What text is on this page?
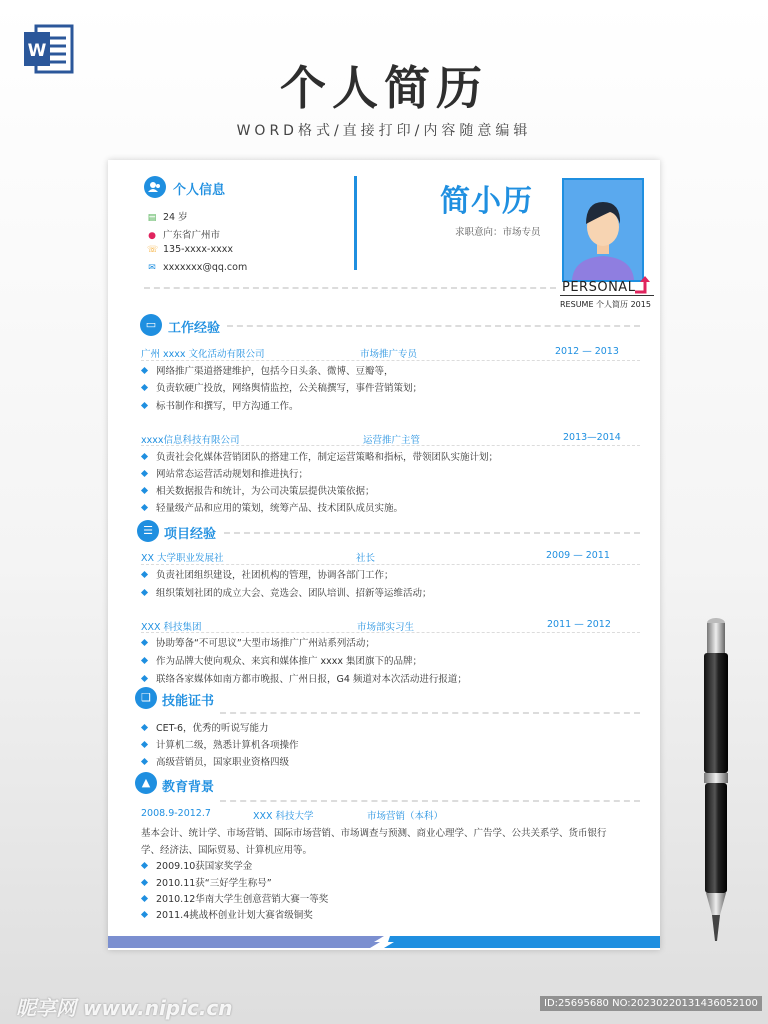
W
个人简历
WORD格式/直接打印/内容随意编辑
个人信息
▤ 24 岁
● 广东省广州市
☏ 135-xxxx-xxxx
✉ xxxxxxx@qq.com
简小历
求职意向：市场专员
PERSONAL
RESUME 个人简历 2015
▭ 工作经验
广州 xxxx 文化活动有限公司	市场推广专员	2012 — 2013
网络推广渠道搭建维护，包括今日头条、微博、豆瓣等，
负责软硬广投放，网络舆情监控，公关稿撰写，事件营销策划；
标书制作和撰写，甲方沟通工作。
xxxx信息科技有限公司	运营推广主管	2013—2014
负责社会化媒体营销团队的搭建工作，制定运营策略和指标，带领团队实施计划；
网站常态运营活动规划和推进执行；
相关数据报告和统计，为公司决策层提供决策依据；
轻量级产品和应用的策划，统筹产品、技术团队成员实施。
☰ 项目经验
XX 大学职业发展社	社长	2009 — 2011
负责社团组织建设，社团机构的管理，协调各部门工作；
组织策划社团的成立大会、竞选会、团队培训、招新等运维活动；
XXX 科技集团	市场部实习生	2011 — 2012
协助筹备“不可思议”大型市场推广广州站系列活动；
作为品牌大使向观众、来宾和媒体推广 xxxx 集团旗下的品牌；
联络各家媒体如南方都市晚报、广州日报，G4 频道对本次活动进行报道；
❑ 技能证书
CET-6，优秀的听说写能力
计算机二级，熟悉计算机各项操作
高级营销员，国家职业资格四级
▲ 教育背景
2008.9-2012.7	XXX 科技大学	市场营销（本科）
基本会计、统计学、市场营销、国际市场营销、市场调查与预测、商业心理学、广告学、公共关系学、货币银行
学、经济法、国际贸易、计算机应用等。
2009.10获国家奖学金
2010.11获“三好学生称号”
2010.12华南大学生创意营销大赛一等奖
2011.4挑战杯创业计划大赛省级铜奖
昵享网 www.nipic.cn	ID:25695680 NO:20230220131436052100
